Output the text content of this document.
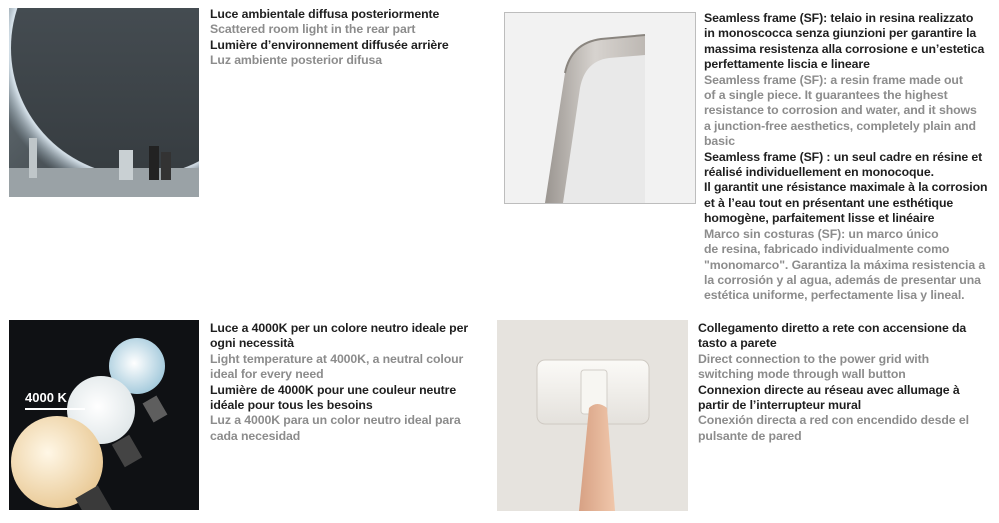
Luce ambientale diffusa posteriormente

Scattered room light in the rear part

Lumière d’environnement diffusée arrière

Luz ambiente posterior difusa

Seamless frame (SF): telaio in resina realizzato
in monoscocca senza giunzioni per garantire la
massima resistenza alla corrosione e un’estetica
perfettamente liscia e lineare

Seamless frame (SF): a resin frame made out
of a single piece. It guarantees the highest
resistance to corrosion and water, and it shows
a junction-free aesthetics, completely plain and
basic

Seamless frame (SF) : un seul cadre en résine et
réalisé individuellement en monocoque.
Il garantit une résistance maximale à la corrosion
et à l’eau tout en présentant une esthétique
homogène, parfaitement lisse et linéaire

Marco sin costuras (SF): un marco único
de resina, fabricado individualmente como
"monomarco". Garantiza la máxima resistencia a
la corrosión y al agua, además de presentar una
estética uniforme, perfectamente lisa y lineal.

4000 K

Luce a 4000K per un colore neutro ideale per
ogni necessità

Light temperature at 4000K, a neutral colour
ideal for every need

Lumière de 4000K pour une couleur neutre
idéale pour tous les besoins

Luz a 4000K para un color neutro ideal para
cada necesidad

Collegamento diretto a rete con accensione da
tasto a parete

Direct connection to the power grid with
switching mode through wall button

Connexion directe au réseau avec allumage à
partir de l’interrupteur mural

Conexión directa a red con encendido desde el
pulsante de pared
